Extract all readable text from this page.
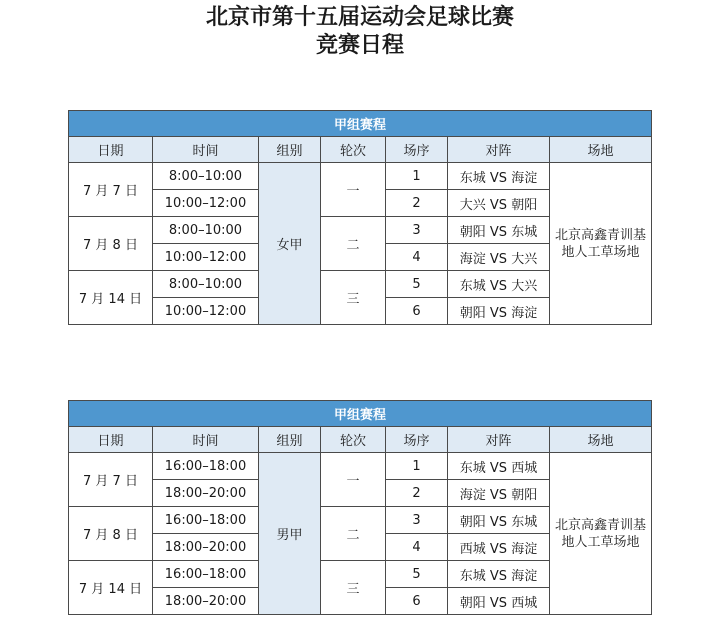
北京市第十五届运动会足球比赛
竞赛日程
甲组赛程						
日期	时间	组别	轮次	场序	对阵	场地
7 月 7 日	8:00–10:00	女甲	一	1	东城 VS 海淀	北京高鑫青训基地人工草场地
	10:00–12:00			2	大兴 VS 朝阳	
7 月 8 日	8:00–10:00		二	3	朝阳 VS 东城	
	10:00–12:00			4	海淀 VS 大兴	
7 月 14 日	8:00–10:00		三	5	东城 VS 大兴	
	10:00–12:00			6	朝阳 VS 海淀	
甲组赛程						
日期	时间	组别	轮次	场序	对阵	场地
7 月 7 日	16:00–18:00	男甲	一	1	东城 VS 西城	北京高鑫青训基地人工草场地
	18:00–20:00			2	海淀 VS 朝阳	
7 月 8 日	16:00–18:00		二	3	朝阳 VS 东城	
	18:00–20:00			4	西城 VS 海淀	
7 月 14 日	16:00–18:00		三	5	东城 VS 海淀	
	18:00–20:00			6	朝阳 VS 西城	
